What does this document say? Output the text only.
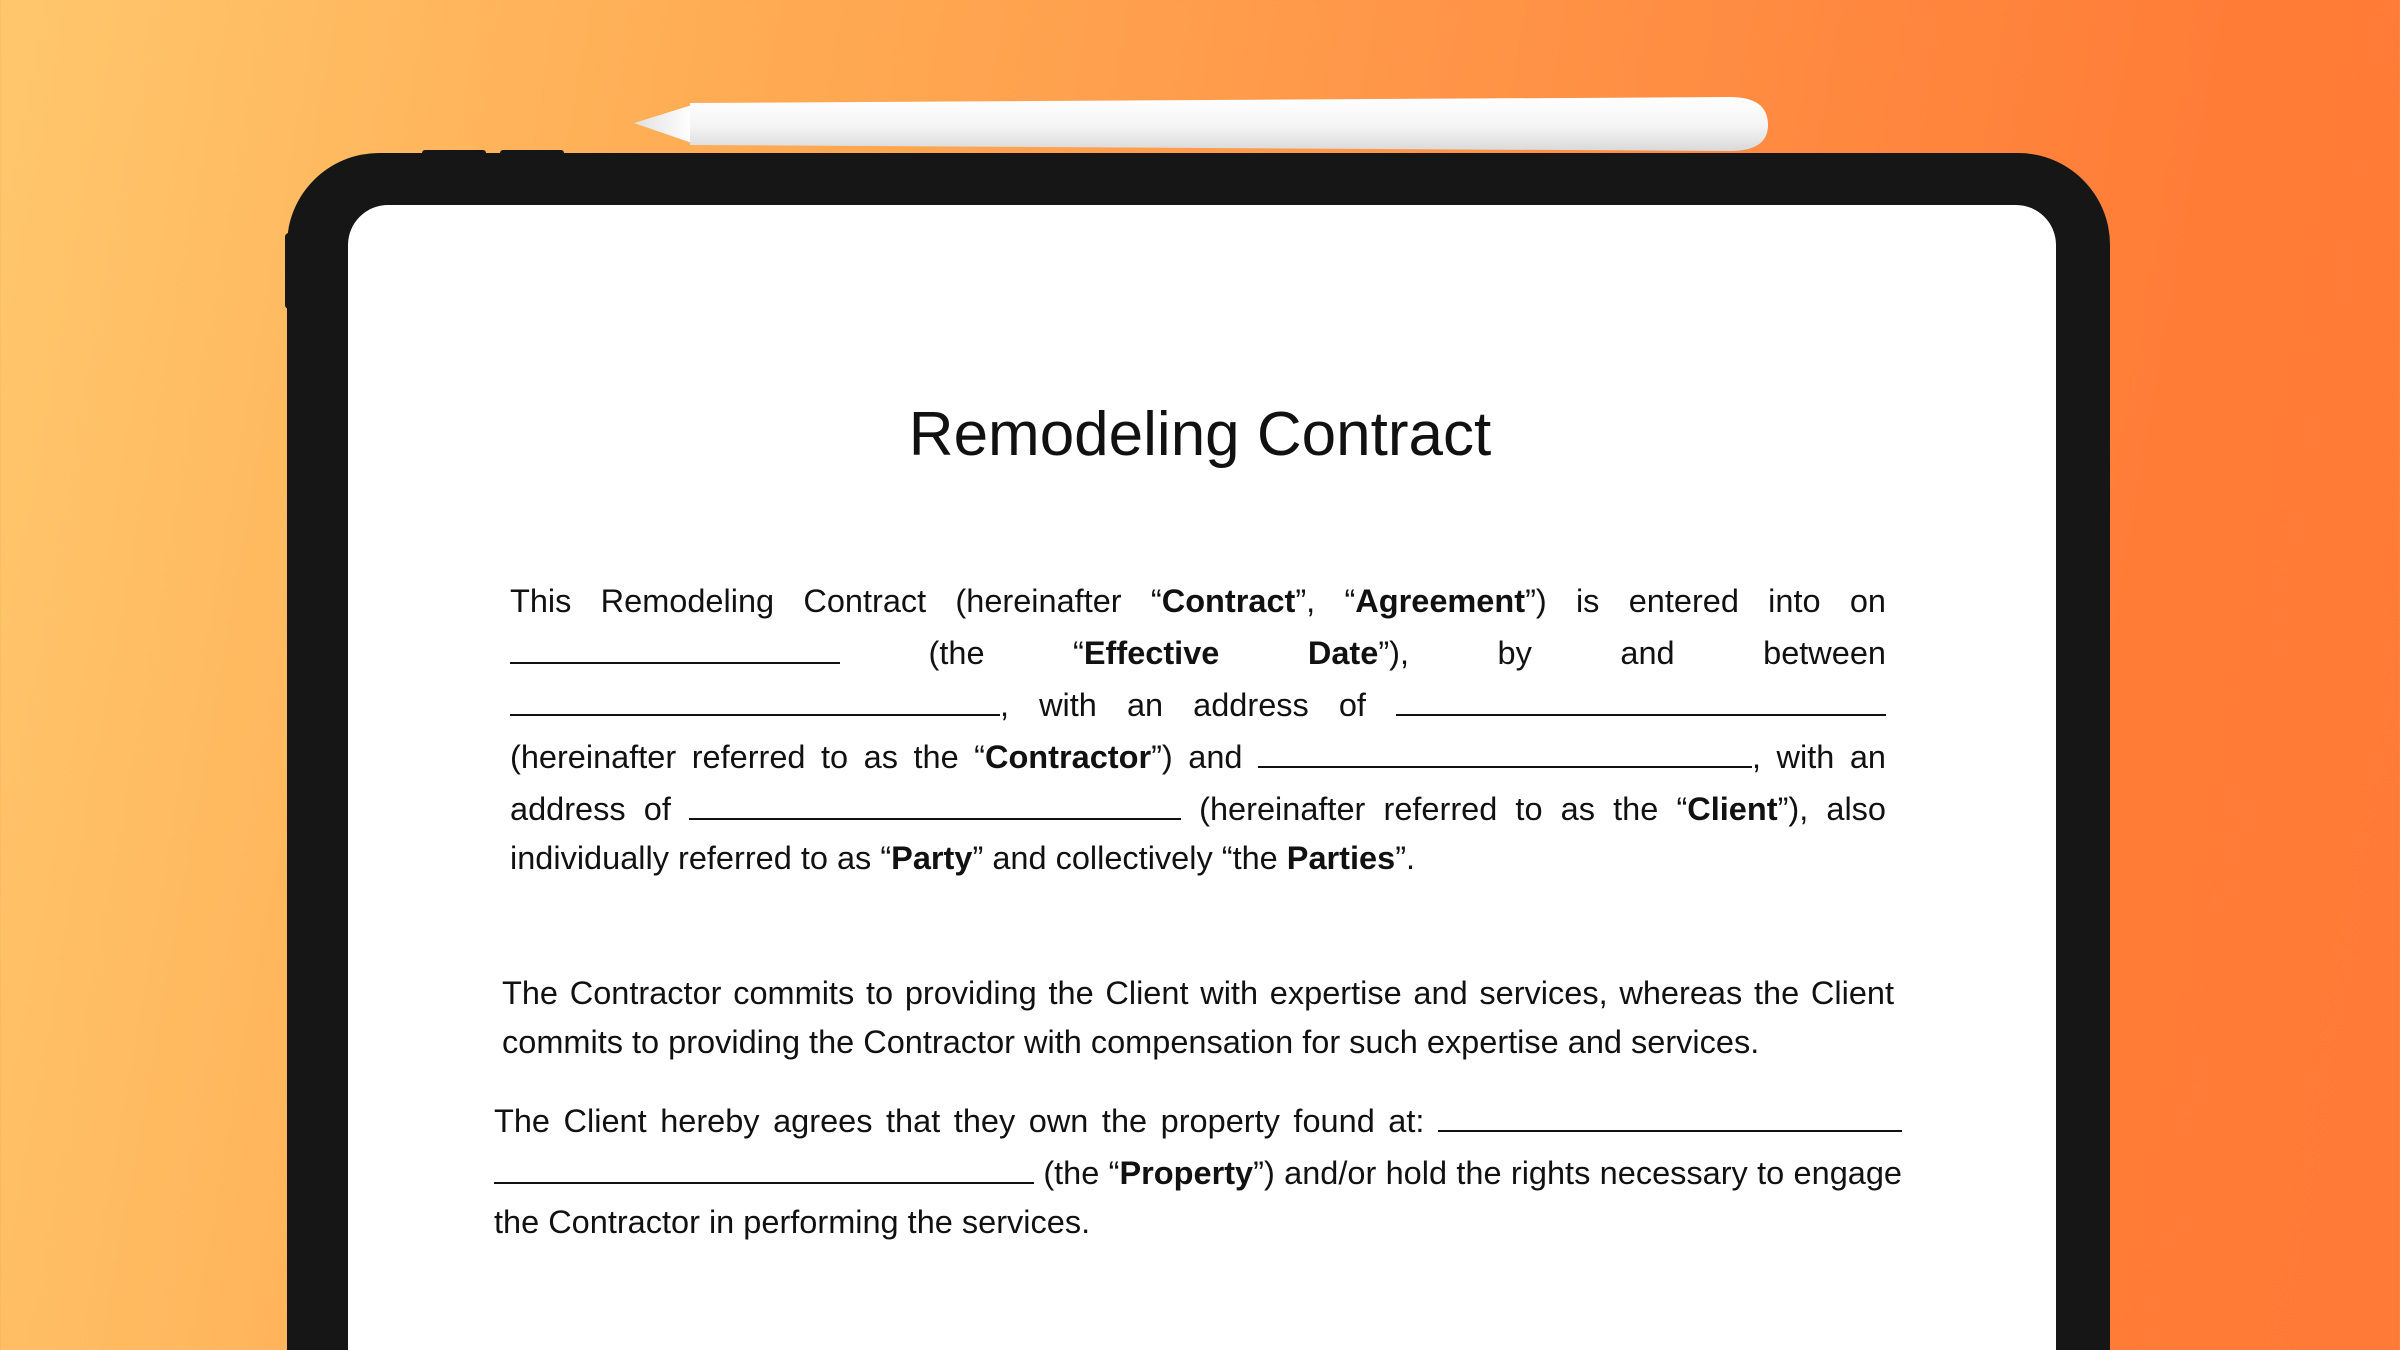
Remodeling Contract

This Remodeling Contract (hereinafter “Contract”, “Agreement”) is entered into on  (the “Effective Date”), by and between , with an address of  (hereinafter referred to as the “Contractor”) and	, with an address of	(hereinafter referred to as the “Client”), also individually referred to as “Party” and collectively “the Parties”.

The Contractor commits to providing the Client with expertise and services, whereas the Client commits to providing the Contractor with compensation for such expertise and services.

The Client hereby agrees that they own the property found at:   (the “Property”) and/or hold the rights necessary to engage the Contractor in performing the services.
